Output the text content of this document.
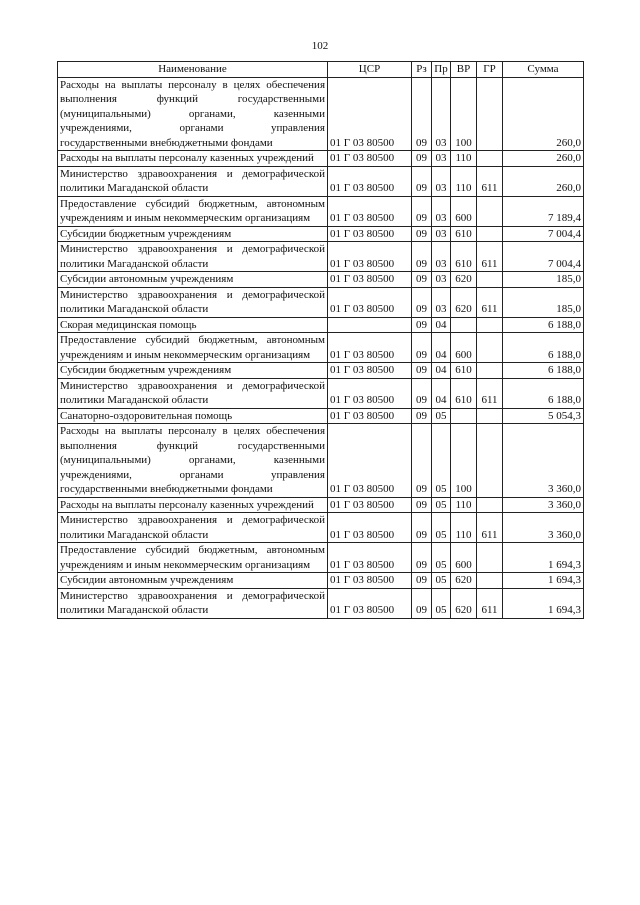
102
Наименование	ЦСР	Рз	Пр	ВР	ГР	Сумма
Расходы на выплаты персоналу в целях обеспечения выполнения функций государственными (муниципальными) органами, казенными учреждениями, органами управления государственными внебюджетными фондами	01 Г 03 80500	09	03	100		260,0
Расходы на выплаты персоналу казенных учреждений	01 Г 03 80500	09	03	110		260,0
Министерство здравоохранения и демографической политики Магаданской области	01 Г 03 80500	09	03	110	611	260,0
Предоставление субсидий бюджетным, автономным учреждениям и иным некоммерческим организациям	01 Г 03 80500	09	03	600		7 189,4
Субсидии бюджетным учреждениям	01 Г 03 80500	09	03	610		7 004,4
Министерство здравоохранения и демографической политики Магаданской области	01 Г 03 80500	09	03	610	611	7 004,4
Субсидии автономным учреждениям	01 Г 03 80500	09	03	620		185,0
Министерство здравоохранения и демографической политики Магаданской области	01 Г 03 80500	09	03	620	611	185,0
Скорая медицинская помощь		09	04			6 188,0
Предоставление субсидий бюджетным, автономным учреждениям и иным некоммерческим организациям	01 Г 03 80500	09	04	600		6 188,0
Субсидии бюджетным учреждениям	01 Г 03 80500	09	04	610		6 188,0
Министерство здравоохранения и демографической политики Магаданской области	01 Г 03 80500	09	04	610	611	6 188,0
Санаторно-оздоровительная помощь	01 Г 03 80500	09	05			5 054,3
Расходы на выплаты персоналу в целях обеспечения выполнения функций государственными (муниципальными) органами, казенными учреждениями, органами управления государственными внебюджетными фондами	01 Г 03 80500	09	05	100		3 360,0
Расходы на выплаты персоналу казенных учреждений	01 Г 03 80500	09	05	110		3 360,0
Министерство здравоохранения и демографической политики Магаданской области	01 Г 03 80500	09	05	110	611	3 360,0
Предоставление субсидий бюджетным, автономным учреждениям и иным некоммерческим организациям	01 Г 03 80500	09	05	600		1 694,3
Субсидии автономным учреждениям	01 Г 03 80500	09	05	620		1 694,3
Министерство здравоохранения и демографической политики Магаданской области	01 Г 03 80500	09	05	620	611	1 694,3
